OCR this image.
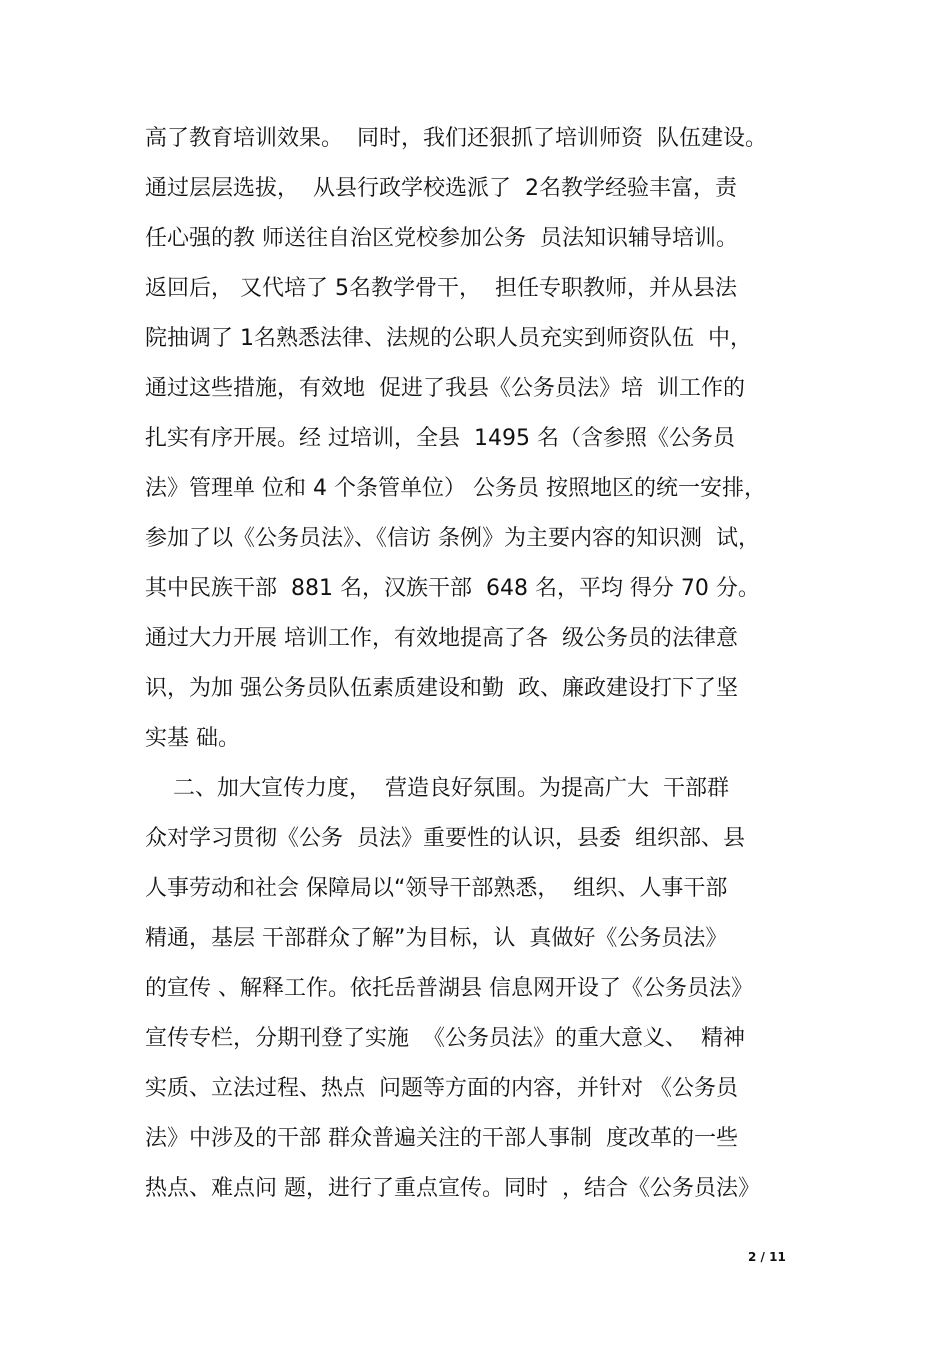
高了教育培训效果。  同时，我们还狠抓了培训师资  队伍建设。
通过层层选拔，  从县行政学校选派了  2名教学经验丰富，责
任心强的教 师送往自治区党校参加公务  员法知识辅导培训。
返回后， 又代培了 5名教学骨干，  担任专职教师，并从县法
院抽调了 1名熟悉法律、法规的公职人员充实到师资队伍  中，
通过这些措施，有效地  促进了我县《公务员法》培  训工作的
扎实有序开展。经 过培训，全县  1495 名（含参照《公务员
法》管理单 位和 4 个条管单位） 公务员 按照地区的统一安排，
参加了以《公务员法》、《信访 条例》为主要内容的知识测  试，
其中民族干部  881 名，汉族干部  648 名，平均 得分 70 分。
通过大力开展 培训工作，有效地提高了各  级公务员的法律意
识，为加 强公务员队伍素质建设和勤  政、廉政建设打下了坚
实基 础。
二、加大宣传力度，  营造良好氛围。为提高广大  干部群
众对学习贯彻《公务  员法》重要性的认识，县委  组织部、县
人事劳动和社会 保障局以“领导干部熟悉，  组织、人事干部
精通，基层 干部群众了解”为目标，认  真做好《公务员法》
的宣传 、解释工作。依托岳普湖县 信息网开设了《公务员法》
宣传专栏，分期刊登了实施  《公务员法》的重大意义、  精神
实质、立法过程、热点  问题等方面的内容，并针对 《公务员
法》中涉及的干部 群众普遍关注的干部人事制  度改革的一些
热点、难点问 题，进行了重点宣传。同时  ，结合《公务员法》
2 / 11
